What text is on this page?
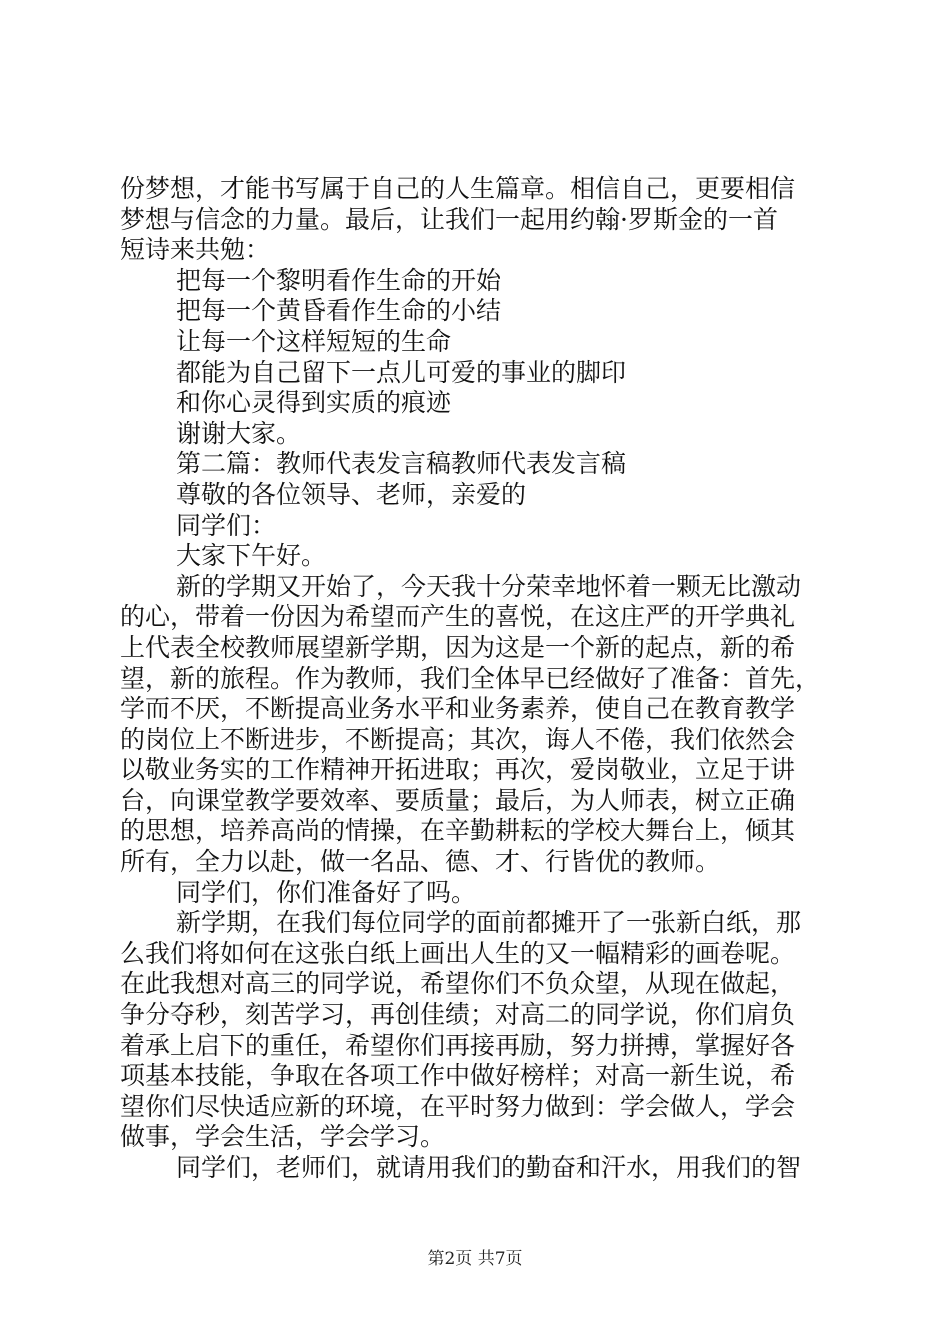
份梦想，才能书写属于自己的人生篇章。相信自己，更要相信
梦想与信念的力量。最后，让我们一起用约翰·罗斯金的一首
短诗来共勉：
把每一个黎明看作生命的开始
把每一个黄昏看作生命的小结
让每一个这样短短的生命
都能为自己留下一点儿可爱的事业的脚印
和你心灵得到实质的痕迹
谢谢大家。
第二篇：教师代表发言稿教师代表发言稿
尊敬的各位领导、老师，亲爱的
同学们：
大家下午好。
新的学期又开始了，今天我十分荣幸地怀着一颗无比激动
的心，带着一份因为希望而产生的喜悦，在这庄严的开学典礼
上代表全校教师展望新学期，因为这是一个新的起点，新的希
望，新的旅程。作为教师，我们全体早已经做好了准备：首先，
学而不厌，不断提高业务水平和业务素养，使自己在教育教学
的岗位上不断进步，不断提高；其次，诲人不倦，我们依然会
以敬业务实的工作精神开拓进取；再次，爱岗敬业，立足于讲
台，向课堂教学要效率、要质量；最后，为人师表，树立正确
的思想，培养高尚的情操，在辛勤耕耘的学校大舞台上，倾其
所有，全力以赴，做一名品、德、才、行皆优的教师。
同学们，你们准备好了吗。
新学期，在我们每位同学的面前都摊开了一张新白纸，那
么我们将如何在这张白纸上画出人生的又一幅精彩的画卷呢。
在此我想对高三的同学说，希望你们不负众望，从现在做起，
争分夺秒，刻苦学习，再创佳绩；对高二的同学说，你们肩负
着承上启下的重任，希望你们再接再励，努力拼搏，掌握好各
项基本技能，争取在各项工作中做好榜样；对高一新生说，希
望你们尽快适应新的环境，在平时努力做到：学会做人，学会
做事，学会生活，学会学习。
同学们，老师们，就请用我们的勤奋和汗水，用我们的智
第2页 共7页
